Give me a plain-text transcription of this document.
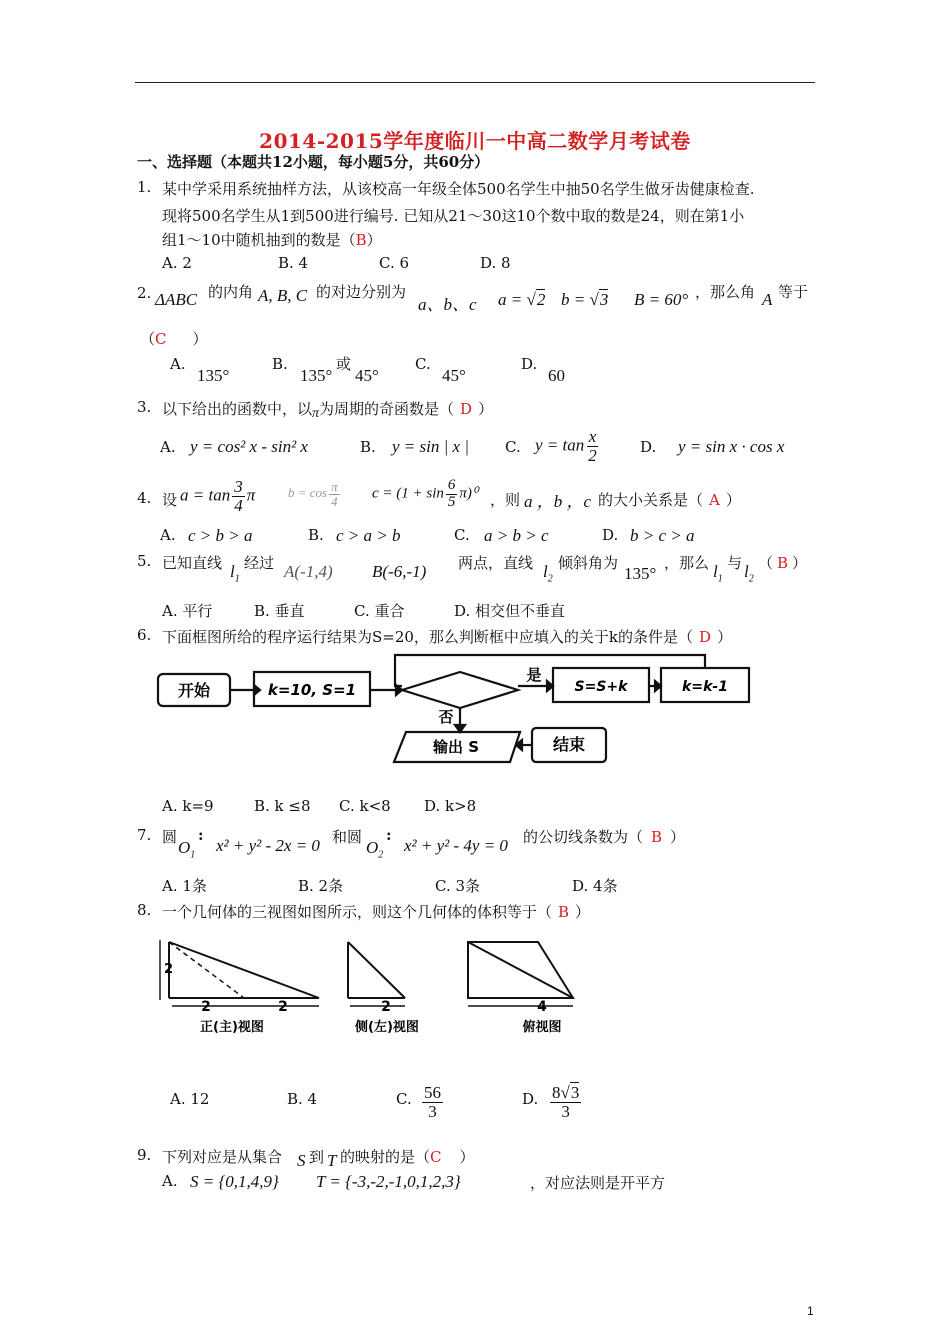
2014-2015学年度临川一中高二数学月考试卷
一、选择题（本题共12小题，每小题5分，共60分）
1. 某中学采用系统抽样方法，从该校高一年级全体500名学生中抽50名学生做牙齿健康检查.
现将500名学生从1到500进行编号. 已知从21～30这10个数中取的数是24，则在第1小
组1～10中随机抽到的数是（B）
A. 2	B. 4	C. 6	D. 8
2. ΔABC 的内角 A, B, C 的对边分别为
a、b、c a = √2 b = √3 B = 60° ，那么角 A 等于
（C ）
A.
135°
B.
135°
或
45°
C.
45°
D.
60
3. 以下给出的函数中，以π为周期的奇函数是（ D ）
A. y = cos² x - sin² x	B. y = sin | x | C. $y = \tan \frac{x}{2}$	D. y = sin x · cos x
4. 设 $a = \tan \frac{3}{4}$ π	$b = \cos \frac{\pi}{4}$ $c = (1 + \sin \frac{6}{5} \pi)^0$ ，则 a ，b ，c 的大小关系是（ A ）
A. c > b > a	B. c > a > b	C. a > b > c	D. b > c > a
5. 已知直线 $l_1$
经过 A(-1,4) B(-6,-1) 两点，直线 $l_2$
倾斜角为
135°
，那么 $l_1$
与 $l_2$
（ B ）
A. 平行	B. 垂直	C. 重合	D. 相交但不垂直
6. 下面框图所给的程序运行结果为S=20，那么判断框中应填入的关于k的条件是（ D ）
开始	k=10, S=1
是
否
S=S+k	k=k-1
输出 S	结束
A. k=9	B. k ≤8 C. k<8 D. k>8
7. 圆
$O_1$
:
x² + y² - 2x = 0 和圆
$O_2$
:
x² + y² - 4y = 0 的公切线条数为（ B ）
A. 1条	B. 2条	C. 3条	D. 4条
8. 一个几何体的三视图如图所示，则这个几何体的体积等于（ B ）
2
2	2	2	4
正(主)视图	侧(左)视图	俯视图
A. 12	B. 4	C. $\frac{56}{3}$	D. $\frac{8√3}{3}$
9. 下列对应是从集合 S 到 T 的映射的是（C ）
A. S = {0,1,4,9} T = {-3,-2,-1,0,1,2,3}	，对应法则是开平方
1
